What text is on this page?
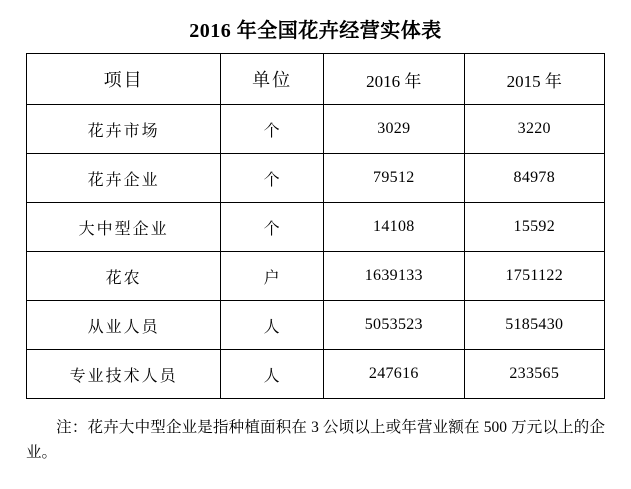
2016 年全国花卉经营实体表
项目	单位	2016 年	2015 年
花卉市场	个	3029	3220
花卉企业	个	79512	84978
大中型企业	个	14108	15592
花农	户	1639133	1751122
从业人员	人	5053523	5185430
专业技术人员	人	247616	233565
注：花卉大中型企业是指种植面积在 3 公顷以上或年营业额在 500 万元以上的企业。
